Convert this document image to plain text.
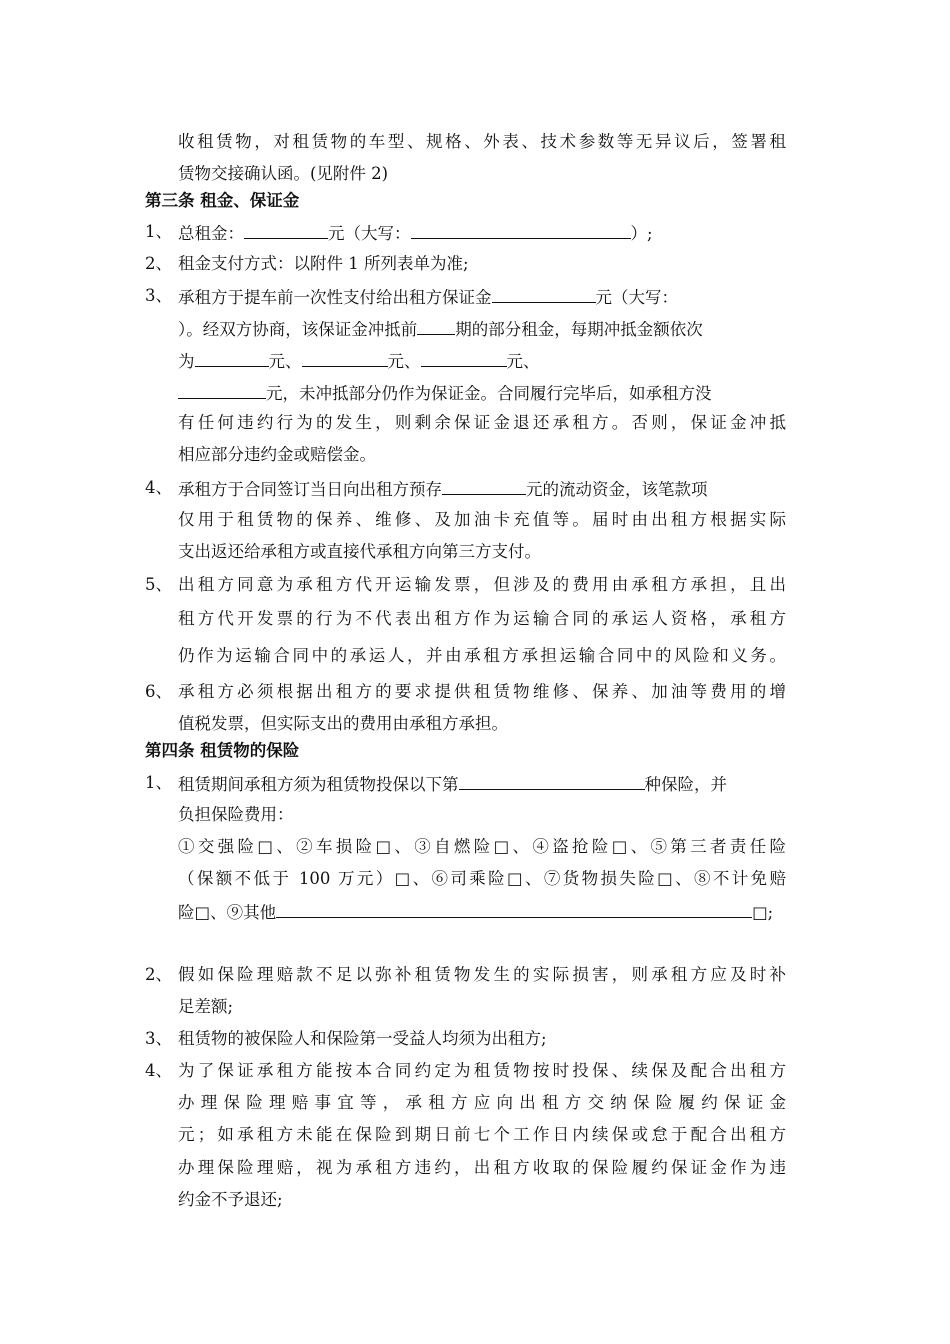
收租赁物，对租赁物的车型、规格、外表、技术参数等无异议后，签署租
赁物交接确认函。(见附件 2)
第三条 租金、保证金
1、 总租金：	元（大写：	）;
2、 租金支付方式：以附件 1 所列表单为准;
3、 承租方于提车前一次性支付给出租方保证金	元（大写：
）。经双方协商，该保证金冲抵前 期的部分租金，每期冲抵金额依次
为	元、	元、	元、
元，未冲抵部分仍作为保证金。合同履行完毕后，如承租方没
有任何违约行为的发生，则剩余保证金退还承租方。否则，保证金冲抵
相应部分违约金或赔偿金。
4、 承租方于合同签订当日向出租方预存	元的流动资金，该笔款项
仅用于租赁物的保养、维修、及加油卡充值等。届时由出租方根据实际
支出返还给承租方或直接代承租方向第三方支付。
5、 出租方同意为承租方代开运输发票，但涉及的费用由承租方承担，且出
租方代开发票的行为不代表出租方作为运输合同的承运人资格，承租方
仍作为运输合同中的承运人，并由承租方承担运输合同中的风险和义务。
6、 承租方必须根据出租方的要求提供租赁物维修、保养、加油等费用的增
值税发票，但实际支出的费用由承租方承担。
第四条 租赁物的保险
1、 租赁期间承租方须为租赁物投保以下第	种保险，并
负担保险费用：
①交强险□、②车损险□、③自燃险□、④盗抢险□、⑤第三者责任险
（保额不低于 100 万元）□、⑥司乘险□、⑦货物损失险□、⑧不计免赔
险□、⑨其他	□;
2、 假如保险理赔款不足以弥补租赁物发生的实际损害，则承租方应及时补
足差额;
3、 租赁物的被保险人和保险第一受益人均须为出租方;
4、 为了保证承租方能按本合同约定为租赁物按时投保、续保及配合出租方
办理保险理赔事宜等，承租方应向出租方交纳保险履约保证金
元；如承租方未能在保险到期日前七个工作日内续保或怠于配合出租方
办理保险理赔，视为承租方违约，出租方收取的保险履约保证金作为违
约金不予退还;
